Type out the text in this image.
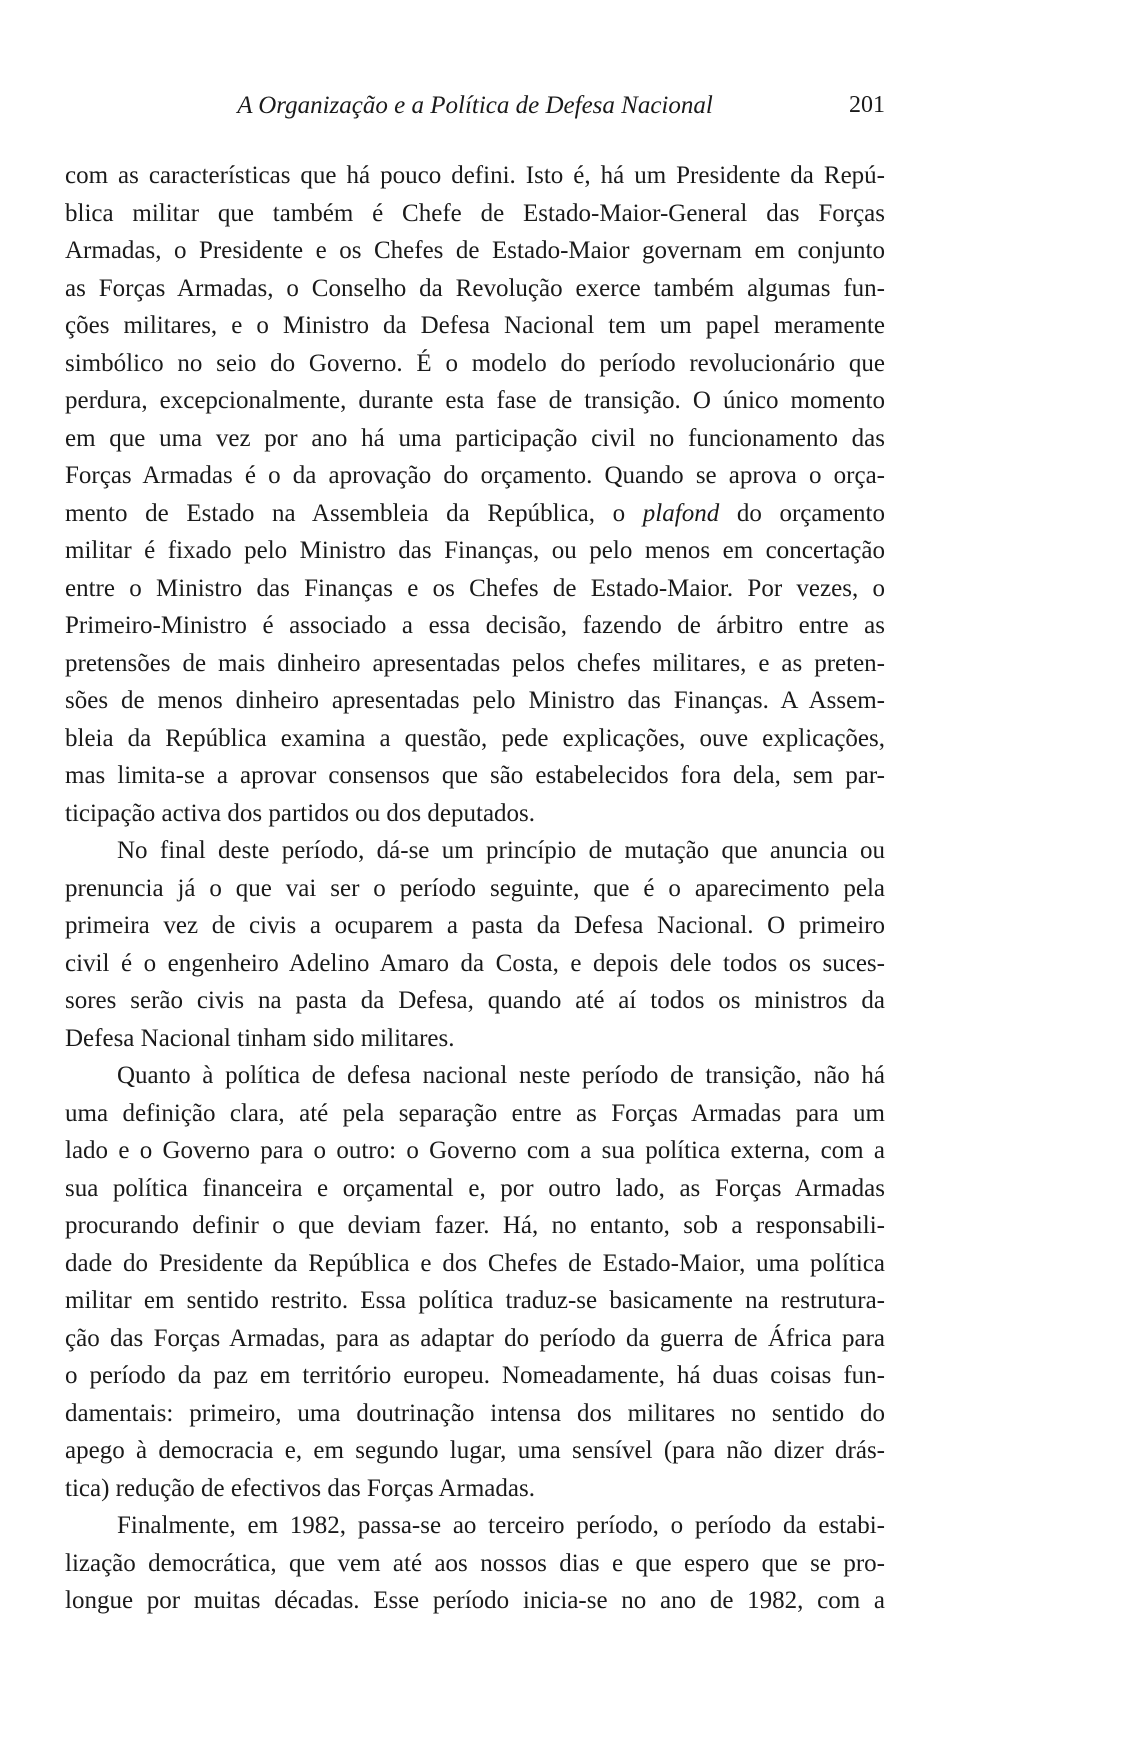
A Organização e a Política de Defesa Nacional	201
com as características que há pouco defini. Isto é, há um Presidente da Repú-
blica militar que também é Chefe de Estado-Maior-General das Forças
Armadas, o Presidente e os Chefes de Estado-Maior governam em conjunto
as Forças Armadas, o Conselho da Revolução exerce também algumas fun-
ções militares, e o Ministro da Defesa Nacional tem um papel meramente
simbólico no seio do Governo. É o modelo do período revolucionário que
perdura, excepcionalmente, durante esta fase de transição. O único momento
em que uma vez por ano há uma participação civil no funcionamento das
Forças Armadas é o da aprovação do orçamento. Quando se aprova o orça-
mento de Estado na Assembleia da República, o plafond do orçamento
militar é fixado pelo Ministro das Finanças, ou pelo menos em concertação
entre o Ministro das Finanças e os Chefes de Estado-Maior. Por vezes, o
Primeiro-Ministro é associado a essa decisão, fazendo de árbitro entre as
pretensões de mais dinheiro apresentadas pelos chefes militares, e as preten-
sões de menos dinheiro apresentadas pelo Ministro das Finanças. A Assem-
bleia da República examina a questão, pede explicações, ouve explicações,
mas limita-se a aprovar consensos que são estabelecidos fora dela, sem par-
ticipação activa dos partidos ou dos deputados.
No final deste período, dá-se um princípio de mutação que anuncia ou
prenuncia já o que vai ser o período seguinte, que é o aparecimento pela
primeira vez de civis a ocuparem a pasta da Defesa Nacional. O primeiro
civil é o engenheiro Adelino Amaro da Costa, e depois dele todos os suces-
sores serão civis na pasta da Defesa, quando até aí todos os ministros da
Defesa Nacional tinham sido militares.
Quanto à política de defesa nacional neste período de transição, não há
uma definição clara, até pela separação entre as Forças Armadas para um
lado e o Governo para o outro: o Governo com a sua política externa, com a
sua política financeira e orçamental e, por outro lado, as Forças Armadas
procurando definir o que deviam fazer. Há, no entanto, sob a responsabili-
dade do Presidente da República e dos Chefes de Estado-Maior, uma política
militar em sentido restrito. Essa política traduz-se basicamente na restrutura-
ção das Forças Armadas, para as adaptar do período da guerra de África para
o período da paz em território europeu. Nomeadamente, há duas coisas fun-
damentais: primeiro, uma doutrinação intensa dos militares no sentido do
apego à democracia e, em segundo lugar, uma sensível (para não dizer drás-
tica) redução de efectivos das Forças Armadas.
Finalmente, em 1982, passa-se ao terceiro período, o período da estabi-
lização democrática, que vem até aos nossos dias e que espero que se pro-
longue por muitas décadas. Esse período inicia-se no ano de 1982, com a
